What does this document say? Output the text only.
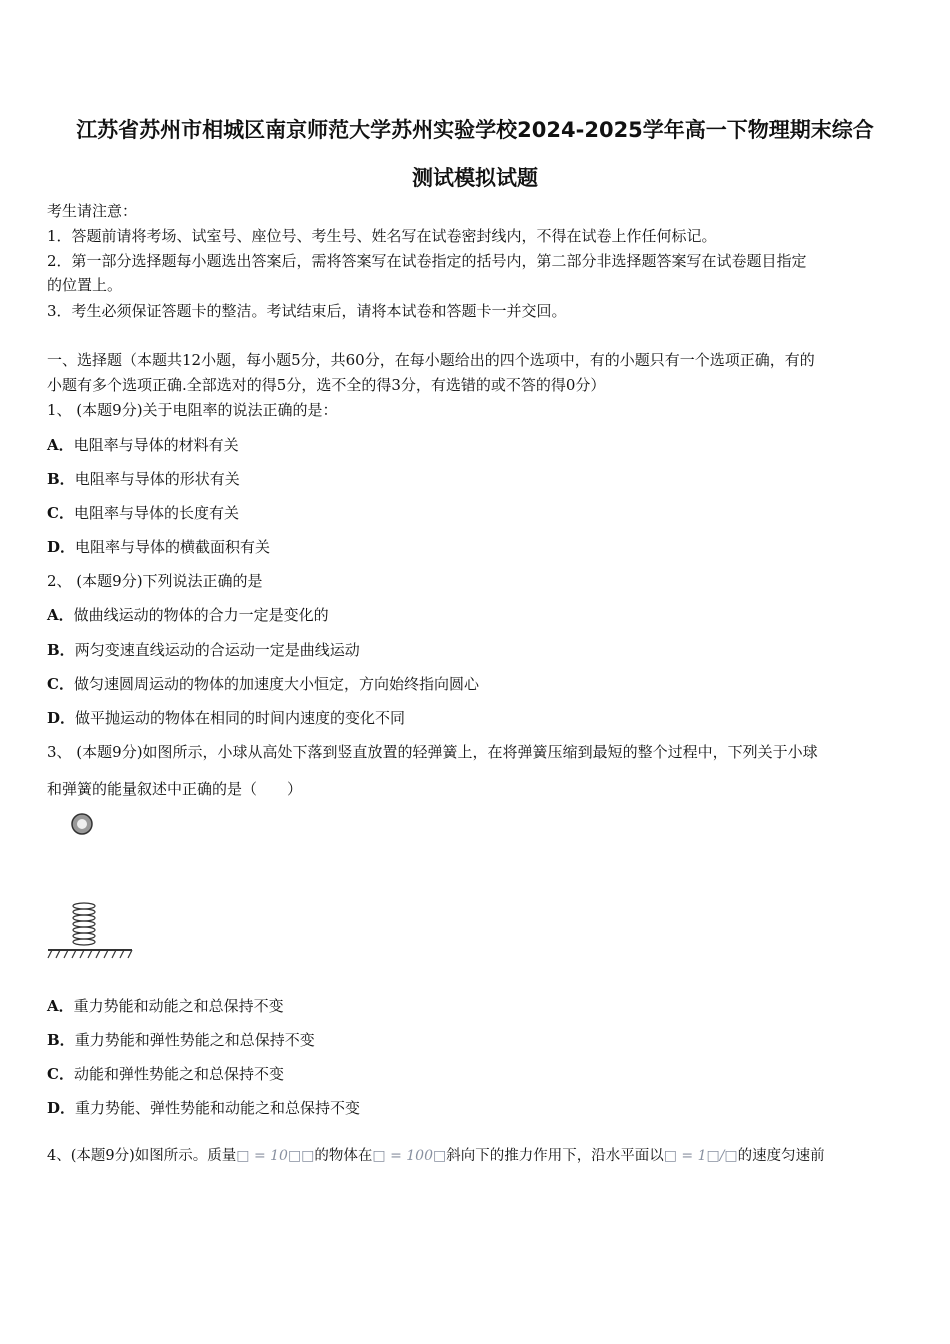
江苏省苏州市相城区南京师范大学苏州实验学校2024-2025学年高一下物理期末综合
测试模拟试题
考生请注意：
1．答题前请将考场、试室号、座位号、考生号、姓名写在试卷密封线内，不得在试卷上作任何标记。
2．第一部分选择题每小题选出答案后，需将答案写在试卷指定的括号内，第二部分非选择题答案写在试卷题目指定
的位置上。
3．考生必须保证答题卡的整洁。考试结束后，请将本试卷和答题卡一并交回。
一、选择题（本题共12小题，每小题5分，共60分，在每小题给出的四个选项中，有的小题只有一个选项正确，有的
小题有多个选项正确.全部选对的得5分，选不全的得3分，有选错的或不答的得0分）
1、 (本题9分)关于电阻率的说法正确的是：
A．电阻率与导体的材料有关
B．电阻率与导体的形状有关
C．电阻率与导体的长度有关
D．电阻率与导体的横截面积有关
2、 (本题9分)下列说法正确的是
A．做曲线运动的物体的合力一定是变化的
B．两匀变速直线运动的合运动一定是曲线运动
C．做匀速圆周运动的物体的加速度大小恒定，方向始终指向圆心
D．做平抛运动的物体在相同的时间内速度的变化不同
3、 (本题9分)如图所示，小球从高处下落到竖直放置的轻弹簧上，在将弹簧压缩到最短的整个过程中，下列关于小球
和弹簧的能量叙述中正确的是（　　）
A．重力势能和动能之和总保持不变
B．重力势能和弹性势能之和总保持不变
C．动能和弹性势能之和总保持不变
D．重力势能、弹性势能和动能之和总保持不变
4、(本题9分)如图所示。质量□ = 10□□的物体在□ = 100□斜向下的推力作用下，沿水平面以□ = 1□/□的速度匀速前
